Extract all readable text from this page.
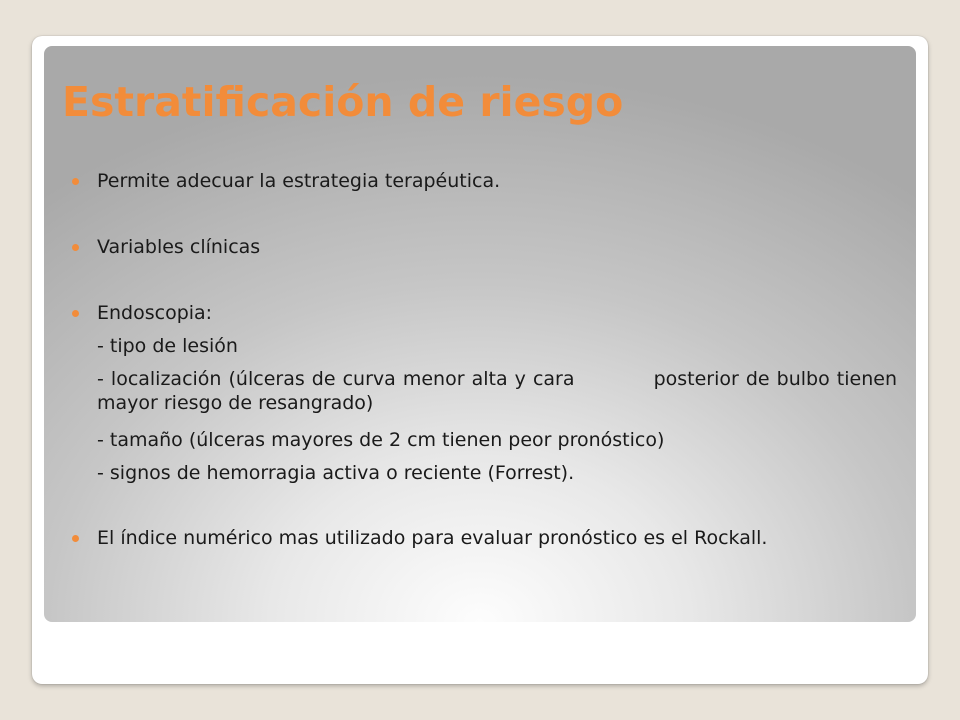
Estratificación de riesgo
Permite adecuar la estrategia terapéutica.
Variables clínicas
Endoscopia:
- tipo de lesión
- localización (úlceras de curva menor alta y cara	posterior de bulbo tienen mayor riesgo de resangrado)
- tamaño (úlceras mayores de 2 cm tienen peor pronóstico)
- signos de hemorragia activa o reciente (Forrest).
El índice numérico mas utilizado para evaluar pronóstico es el Rockall.
